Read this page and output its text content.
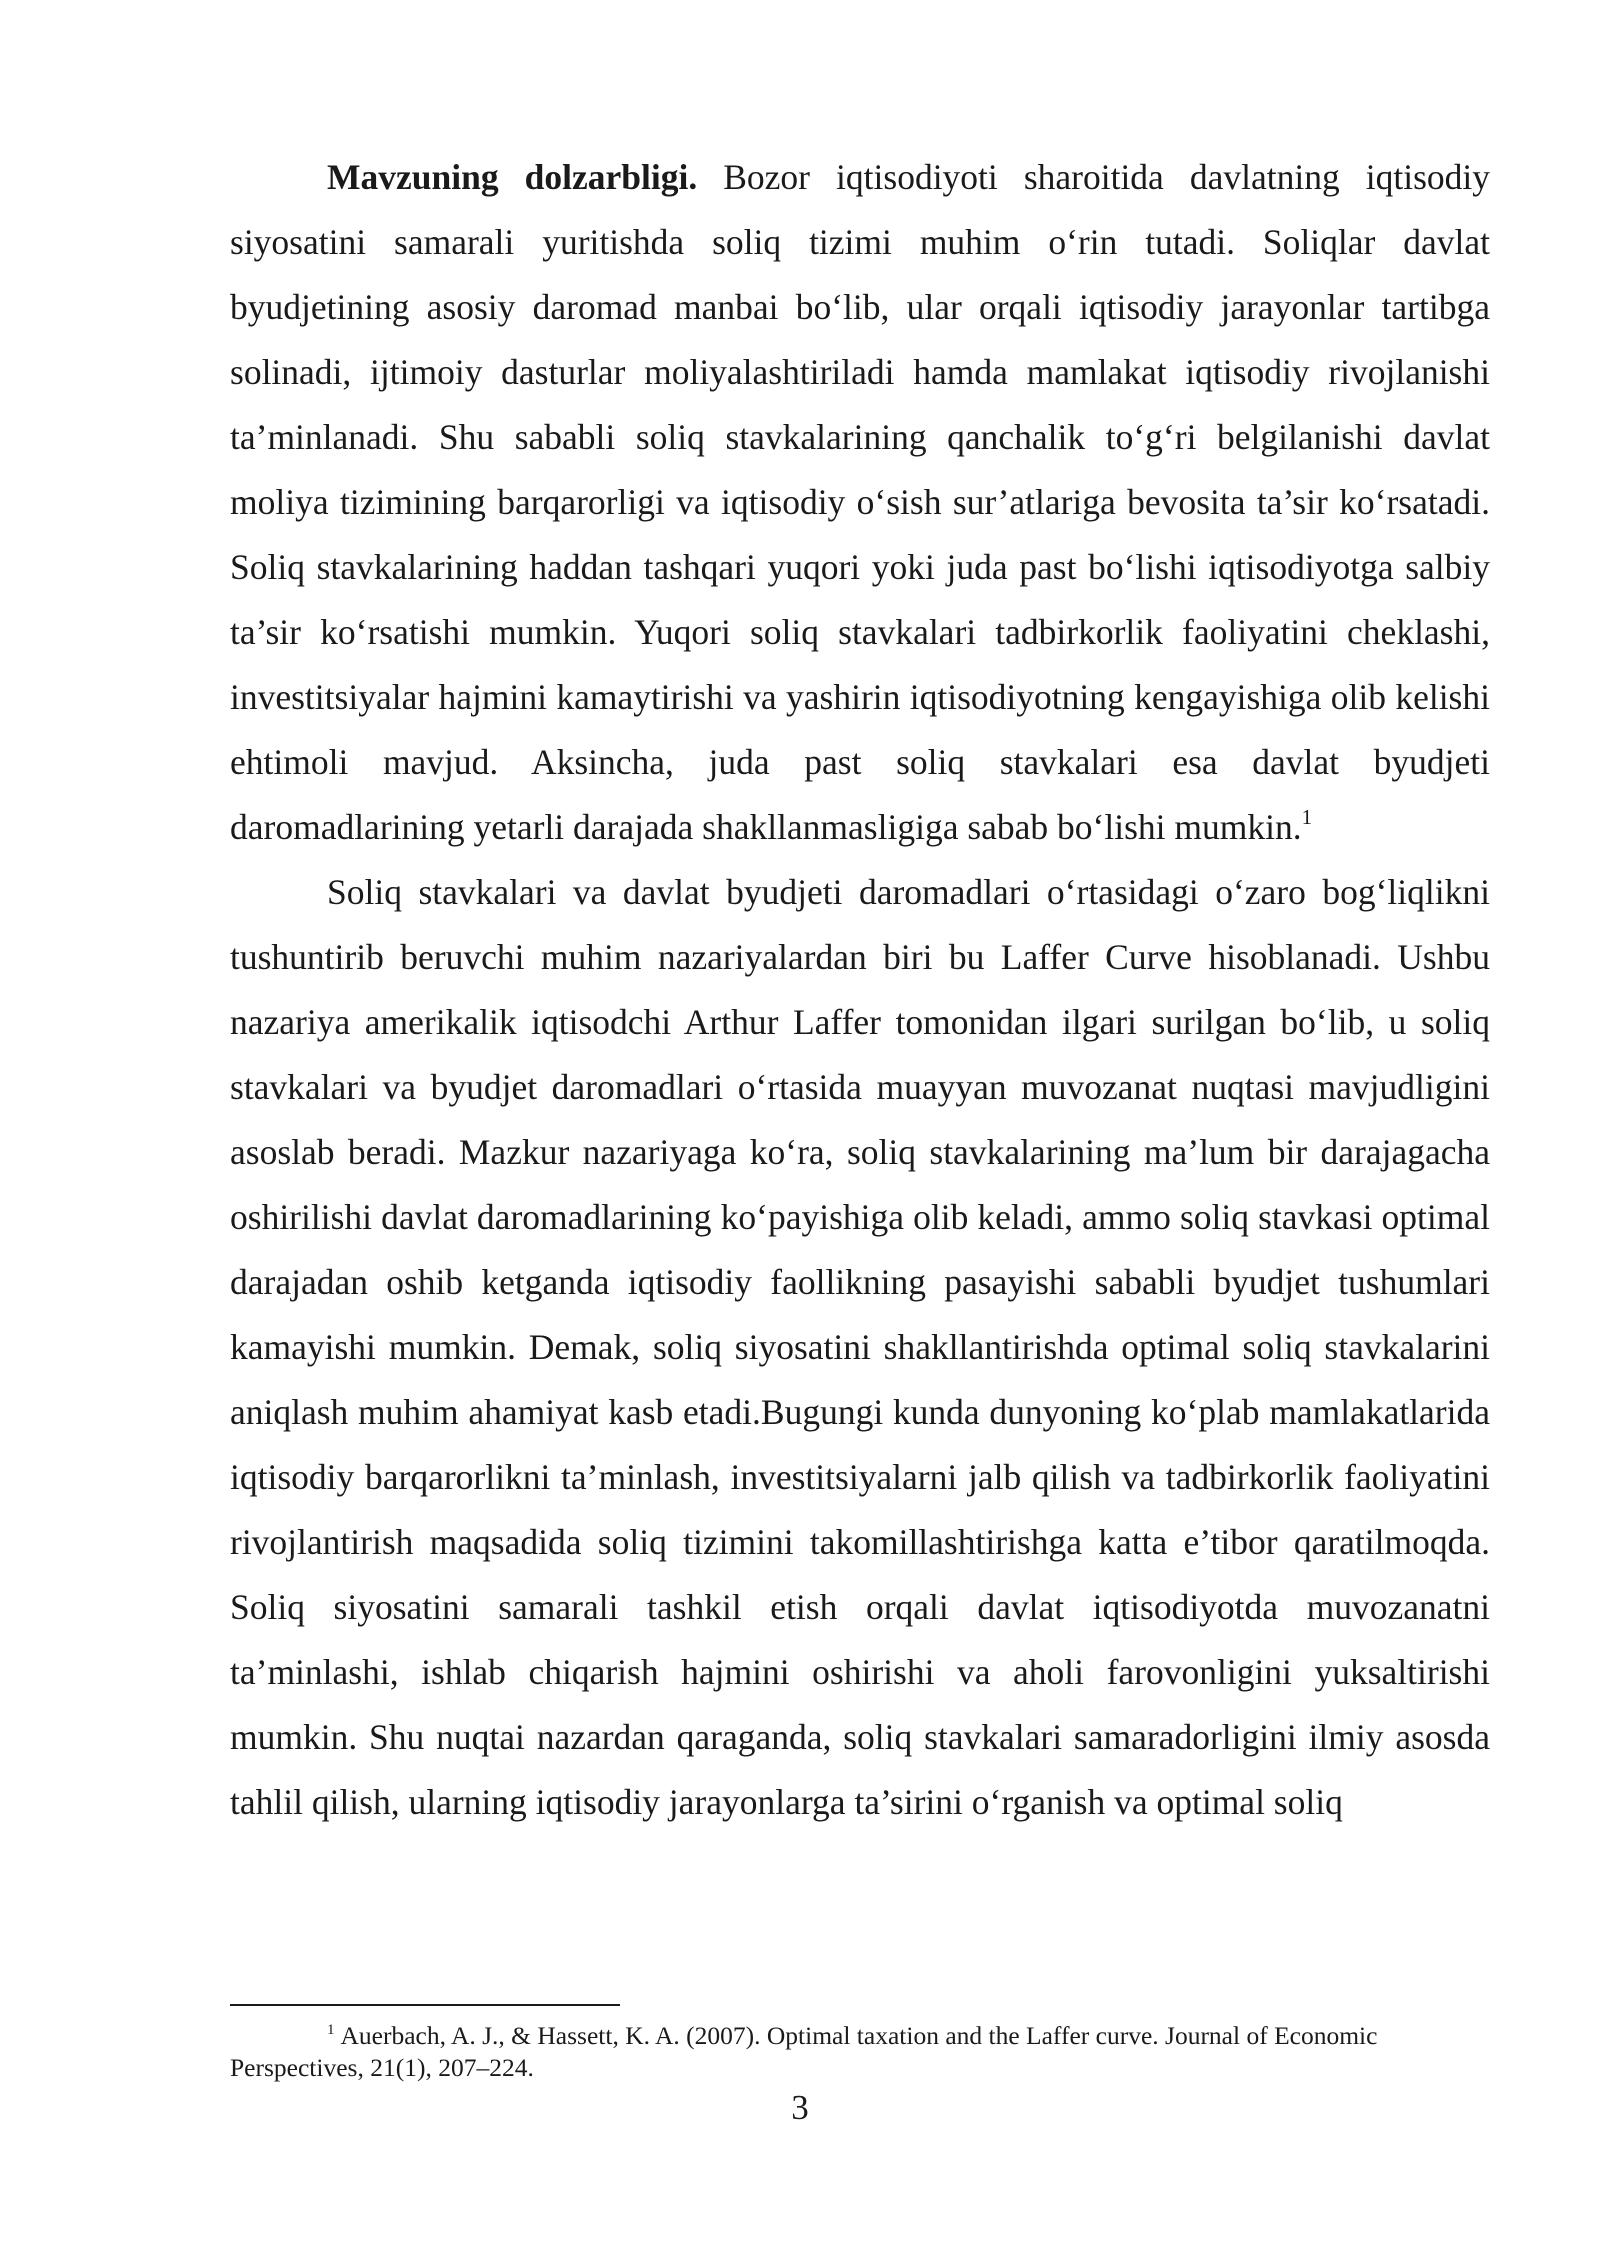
Mavzuning dolzarbligi. Bozor iqtisodiyoti sharoitida davlatning iqtisodiy siyosatini samarali yuritishda soliq tizimi muhim o‘rin tutadi. Soliqlar davlat byudjetining asosiy daromad manbai bo‘lib, ular orqali iqtisodiy jarayonlar tartibga solinadi, ijtimoiy dasturlar moliyalashtiriladi hamda mamlakat iqtisodiy rivojlanishi ta’minlanadi. Shu sababli soliq stavkalarining qanchalik to‘g‘ri belgilanishi davlat moliya tizimining barqarorligi va iqtisodiy o‘sish sur’atlariga bevosita ta’sir ko‘rsatadi. Soliq stavkalarining haddan tashqari yuqori yoki juda past bo‘lishi iqtisodiyotga salbiy ta’sir ko‘rsatishi mumkin. Yuqori soliq stavkalari tadbirkorlik faoliyatini cheklashi, investitsiyalar hajmini kamaytirishi va yashirin iqtisodiyotning kengayishiga olib kelishi ehtimoli mavjud. Aksincha, juda past soliq stavkalari esa davlat byudjeti daromadlarining yetarli darajada shakllanmasligiga sabab bo‘lishi mumkin.$^1$

Soliq stavkalari va davlat byudjeti daromadlari o‘rtasidagi o‘zaro bog‘liqlikni tushuntirib beruvchi muhim nazariyalardan biri bu Laffer Curve hisoblanadi. Ushbu nazariya amerikalik iqtisodchi Arthur Laffer tomonidan ilgari surilgan bo‘lib, u soliq stavkalari va byudjet daromadlari o‘rtasida muayyan muvozanat nuqtasi mavjudligini asoslab beradi. Mazkur nazariyaga ko‘ra, soliq stavkalarining ma’lum bir darajagacha oshirilishi davlat daromadlarining ko‘payishiga olib keladi, ammo soliq stavkasi optimal darajadan oshib ketganda iqtisodiy faollikning pasayishi sababli byudjet tushumlari kamayishi mumkin. Demak, soliq siyosatini shakllantirishda optimal soliq stavkalarini aniqlash muhim ahamiyat kasb etadi.Bugungi kunda dunyoning ko‘plab mamlakatlarida iqtisodiy barqarorlikni ta’minlash, investitsiyalarni jalb qilish va tadbirkorlik faoliyatini rivojlantirish maqsadida soliq tizimini takomillashtirishga katta e’tibor qaratilmoqda. Soliq siyosatini samarali tashkil etish orqali davlat iqtisodiyotda muvozanatni ta’minlashi, ishlab chiqarish hajmini oshirishi va aholi farovonligini yuksaltirishi mumkin. Shu nuqtai nazardan qaraganda, soliq stavkalari samaradorligini ilmiy asosda tahlil qilish, ularning iqtisodiy jarayonlarga ta’sirini o‘rganish va optimal soliq

$^1$ Auerbach, A. J., & Hassett, K. A. (2007). Optimal taxation and the Laffer curve. Journal of Economic Perspectives, 21(1), 207–224.

3
